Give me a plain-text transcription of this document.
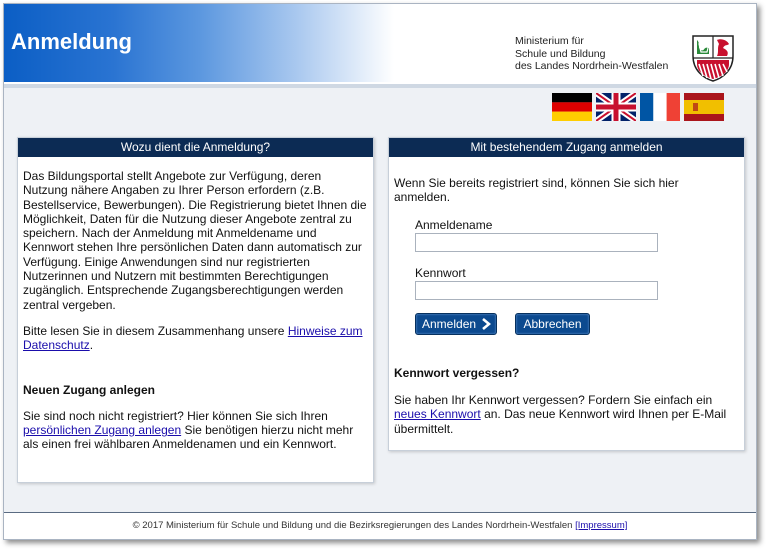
Anmeldung	Ministerium für
Schule und Bildung
des Landes Nordrhein-Westfalen
Wozu dient die Anmeldung?

Das Bildungsportal stellt Angebote zur Verfügung, deren Nutzung nähere Angaben zu Ihrer Person erfordern (z.B. Bestellservice, Bewerbungen). Die Registrierung bietet Ihnen die Möglichkeit, Daten für die Nutzung dieser Angebote zentral zu speichern. Nach der Anmeldung mit Anmeldename und Kennwort stehen Ihre persönlichen Daten dann automatisch zur Verfügung. Einige Anwendungen sind nur registrierten Nutzerinnen und Nutzern mit bestimmten Berechtigungen zugänglich. Entsprechende Zugangsberechtigungen werden zentral vergeben.

Bitte lesen Sie in diesem Zusammenhang unsere Hinweise zum Datenschutz.

Neuen Zugang anlegen

Sie sind noch nicht registriert? Hier können Sie sich Ihren persönlichen Zugang anlegen Sie benötigen hierzu nicht mehr als einen frei wählbaren Anmeldenamen und ein Kennwort.

Mit bestehendem Zugang anmelden
Wenn Sie bereits registriert sind, können Sie sich hier anmelden.
Anmeldename
Kennwort
Anmelden	Abbrechen
Kennwort vergessen?
Sie haben Ihr Kennwort vergessen? Fordern Sie einfach ein neues Kennwort an. Das neue Kennwort wird Ihnen per E-Mail übermittelt.
© 2017 Ministerium für Schule und Bildung und die Bezirksregierungen des Landes Nordrhein-Westfalen [Impressum]
